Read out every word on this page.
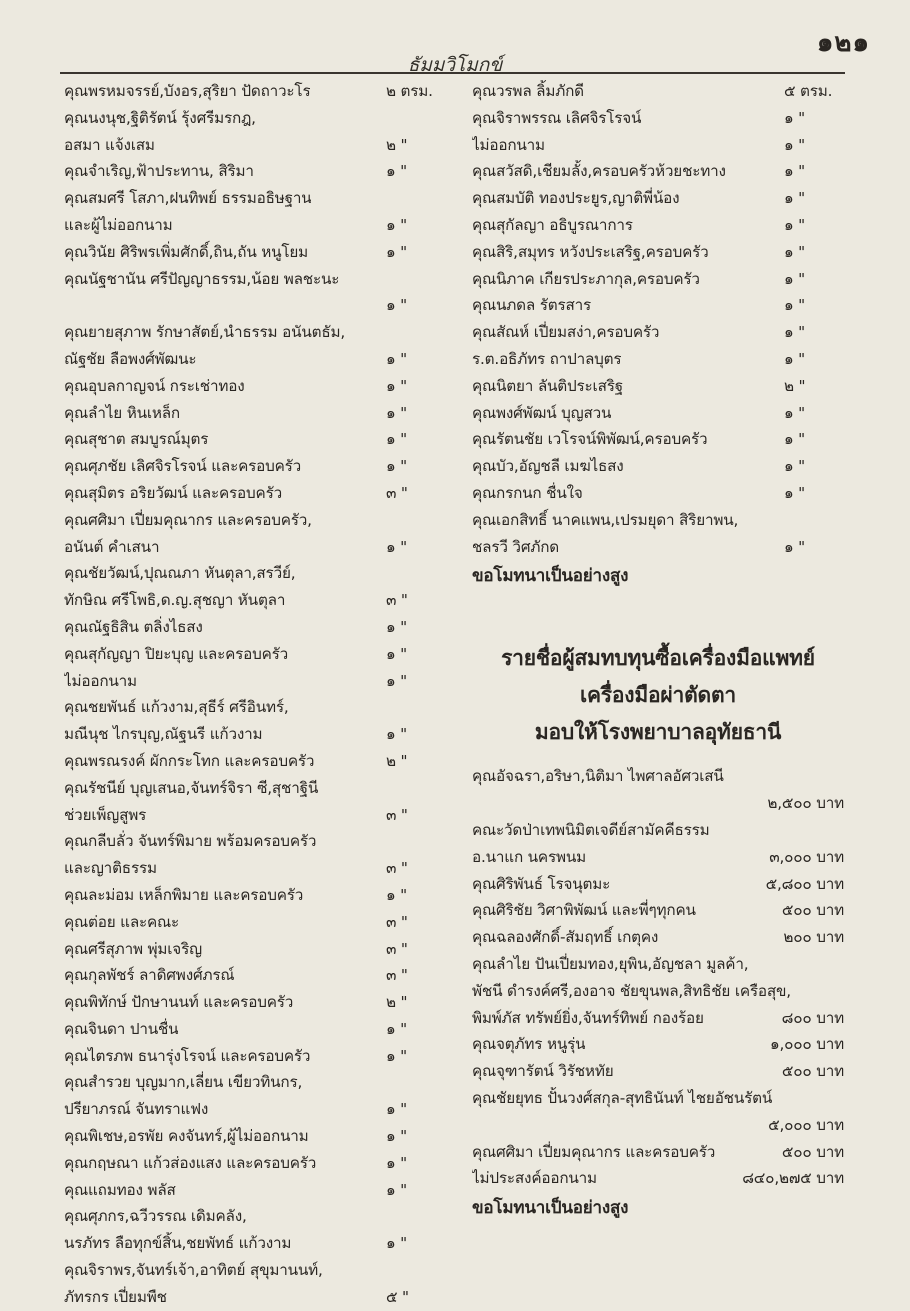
๑๒๑
ธัมมวิโมกข์
คุณพรหมจรรย์,บังอร,สุริยา ปัดถาวะโร	๒ ตรม.
คุณนงนุช,ฐิติรัตน์ รุ้งศรีมรกฎ,
อสมา แจ้งเสม	๒ "
คุณจำเริญ,ฟ้าประทาน, สิริมา	๑ "
คุณสมศรี โสภา,ฝนทิพย์ ธรรมอธิษฐาน
และผู้ไม่ออกนาม	๑ "
คุณวินัย ศิริพรเพิ่มศักดิ์,ถิน,ถัน หนูโยม	๑ "
คุณนัฐชานัน ศรีปัญญาธรรม,น้อย พลชะนะ
๑ "
คุณยายสุภาพ รักษาสัตย์,นำธรรม อนันตธัม,
ณัฐชัย ลือพงศ์พัฒนะ	๑ "
คุณอุบลกาญจน์ กระเช่าทอง	๑ "
คุณลำไย หินเหล็ก	๑ "
คุณสุชาต สมบูรณ์มุตร	๑ "
คุณศุภชัย เลิศจิรโรจน์ และครอบครัว	๑ "
คุณสุมิตร อริยวัฒน์ และครอบครัว	๓ "
คุณศศิมา เปี่ยมคุณากร และครอบครัว,
อนันต์ คำเสนา	๑ "
คุณชัยวัฒน์,ปุณณภา หันตุลา,สรวีย์,
ทักษิณ ศรีโพธิ,ด.ญ.สุชญา หันตุลา	๓ "
คุณณัฐธิสิน ตลิ่งไธสง	๑ "
คุณสุกัญญา ปิยะบุญ และครอบครัว	๑ "
ไม่ออกนาม	๑ "
คุณชยพันธ์ แก้วงาม,สุธีร์ ศรีอินทร์,
มณีนุช ไกรบุญ,ณัฐนรี แก้วงาม	๑ "
คุณพรณรงค์ ผักกระโทก และครอบครัว	๒ "
คุณรัชนีย์ บุญเสนอ,จันทร์จิรา ซี,สุชาฐินี
ช่วยเพ็ญสูพร	๓ "
คุณกลีบลั่ว จันทร์พิมาย พร้อมครอบครัว
และญาติธรรม	๓ "
คุณละม่อม เหล็กพิมาย และครอบครัว	๑ "
คุณต่อย และคณะ	๓ "
คุณศรีสุภาพ พุ่มเจริญ	๓ "
คุณกุลพัชร์ ลาดิศพงศ์ภรณ์	๓ "
คุณพิทักษ์ ปักษานนท์ และครอบครัว	๒ "
คุณจินดา ปานชื่น	๑ "
คุณไตรภพ ธนารุ่งโรจน์ และครอบครัว	๑ "
คุณสำรวย บุญมาก,เลี่ยน เขียวทินกร,
ปรียาภรณ์ จันทราแฟง	๑ "
คุณพิเชษ,อรพัย คงจันทร์,ผู้ไม่ออกนาม	๑ "
คุณกฤษณา แก้วส่องแสง และครอบครัว	๑ "
คุณแถมทอง พลัส	๑ "
คุณศุภกร,ฉวีวรรณ เดิมคลัง,
นรภัทร ลือทุกข์สิ้น,ชยพัทธ์ แก้วงาม	๑ "
คุณจิราพร,จันทร์เจ้า,อาทิตย์ สุขุมานนท์,
ภัทรกร เปี่ยมพืช	๕ "
คุณวรพล ลิ้มภักดี	๕ ตรม.
คุณจิราพรรณ เลิศจิรโรจน์	๑ "
ไม่ออกนาม	๑ "
คุณสวัสดิ,เชียมลั้ง,ครอบครัวห้วยชะทาง	๑ "
คุณสมบัติ ทองประยูร,ญาติพี่น้อง	๑ "
คุณสุกัลญา อธิบูรณาการ	๑ "
คุณสิริ,สมุทร หวังประเสริฐ,ครอบครัว	๑ "
คุณนิภาค เกียรประภากุล,ครอบครัว	๑ "
คุณนภดล รัตรสาร	๑ "
คุณสัณห์ เปี่ยมสง่า,ครอบครัว	๑ "
ร.ต.อธิภัทร ถาปาลบุตร	๑ "
คุณนิตยา ลันติประเสริฐ	๒ "
คุณพงศ์พัฒน์ บุญสวน	๑ "
คุณรัตนชัย เวโรจน์พิพัฒน์,ครอบครัว	๑ "
คุณบัว,อัญชลี เมฆไธสง	๑ "
คุณกรกนก ชื่นใจ	๑ "
คุณเอกสิทธิ์ นาคแพน,เปรมยุดา สิริยาพน,
ชลรวี วิศภักด	๑ "
ขอโมทนาเป็นอย่างสูง
รายชื่อผู้สมทบทุนซื้อเครื่องมือแพทย์
เครื่องมือผ่าตัดตา
มอบให้โรงพยาบาลอุทัยธานี
คุณอัจฉรา,อริษา,นิติมา ไพศาลอัศวเสนี
๒,๕๐๐ บาท
คณะวัดป่าเทพนิมิตเจดีย์สามัคคีธรรม
อ.นาแก นครพนม	๓,๐๐๐ บาท
คุณศิริพันธ์ โรจนุตมะ	๕,๘๐๐ บาท
คุณศิริชัย วิศาพิพัฒน์ และพี่ๆทุกคน	๕๐๐ บาท
คุณฉลองศักดิ์-สัมฤทธิ์ เกตุคง	๒๐๐ บาท
คุณลำไย ปันเปี่ยมทอง,ยุพิน,อัญชลา มูลค้า,
พัชนี ดำรงค์ศรี,องอาจ ชัยขุนพล,สิทธิชัย เครือสุข,
พิมพ์ภัส ทรัพย์ยิ่ง,จันทร์ทิพย์ กองร้อย	๘๐๐ บาท
คุณจตุภัทร หนูรุ่น	๑,๐๐๐ บาท
คุณจุฑารัตน์ วิรัชหทัย	๕๐๐ บาท
คุณชัยยุทธ ปั้นวงศ์สกุล-สุทธินันท์ ไชยอัชนรัตน์
๕,๐๐๐ บาท
คุณศศิมา เปี่ยมคุณากร และครอบครัว	๕๐๐ บาท
ไม่ประสงค์ออกนาม	๘๔๐,๒๗๕ บาท
ขอโมทนาเป็นอย่างสูง
